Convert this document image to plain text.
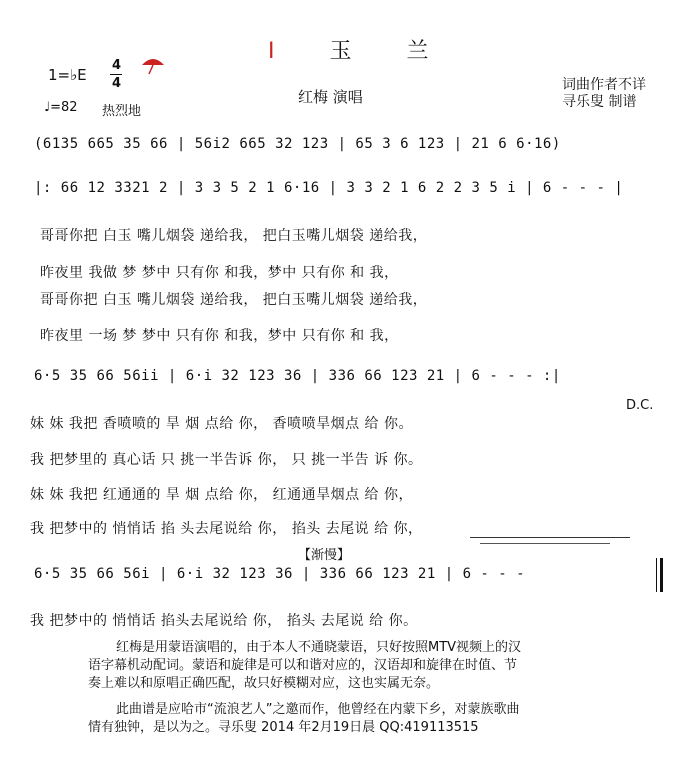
I 玉 兰
1=♭E
4
4
♩=82 热烈地
红梅 演唱
词曲作者不详
寻乐叟 制谱
(6135 665 35 66 | 56i2 665 32 123 | 65 3 6 123 | 21 6 6·16)
|: 66 12 3321 2 | 3 3 5 2 1 6·16 | 3 3 2 1 6 2 2 3 5 i | 6 - - - |
哥哥你把 白玉 嘴儿烟袋 递给我， 把白玉嘴儿烟袋 递给我，
昨夜里 我做 梦 梦中 只有你 和我，梦中 只有你 和 我，
哥哥你把 白玉 嘴儿烟袋 递给我， 把白玉嘴儿烟袋 递给我，
昨夜里 一场 梦 梦中 只有你 和我，梦中 只有你 和 我，
6·5 35 66 56ii | 6·i 32 123 36 | 336 66 123 21 | 6 - - - :|
D.C.
妹 妹 我把 香喷喷的 旱 烟 点给 你， 香喷喷旱烟点 给 你。
我 把梦里的 真心话 只 挑一半告诉 你， 只 挑一半告 诉 你。
妹 妹 我把 红通通的 旱 烟 点给 你， 红通通旱烟点 给 你，
我 把梦中的 悄悄话 掐 头去尾说给 你， 掐头 去尾说 给 你，
【渐慢】
6·5 35 66 56i | 6·i 32 123 36 | 336 66 123 21 | 6 - - -
我 把梦中的 悄悄话 掐头去尾说给 你， 掐头 去尾说 给 你。
红梅是用蒙语演唱的，由于本人不通晓蒙语，只好按照MTV视频上的汉
语字幕机动配词。蒙语和旋律是可以和谐对应的，汉语却和旋律在时值、节
奏上难以和原唱正确匹配，故只好模糊对应，这也实属无奈。
此曲谱是应哈市“流浪艺人”之邀而作，他曾经在内蒙下乡，对蒙族歌曲
情有独钟，是以为之。寻乐叟 2014 年2月19日晨 QQ:419113515
